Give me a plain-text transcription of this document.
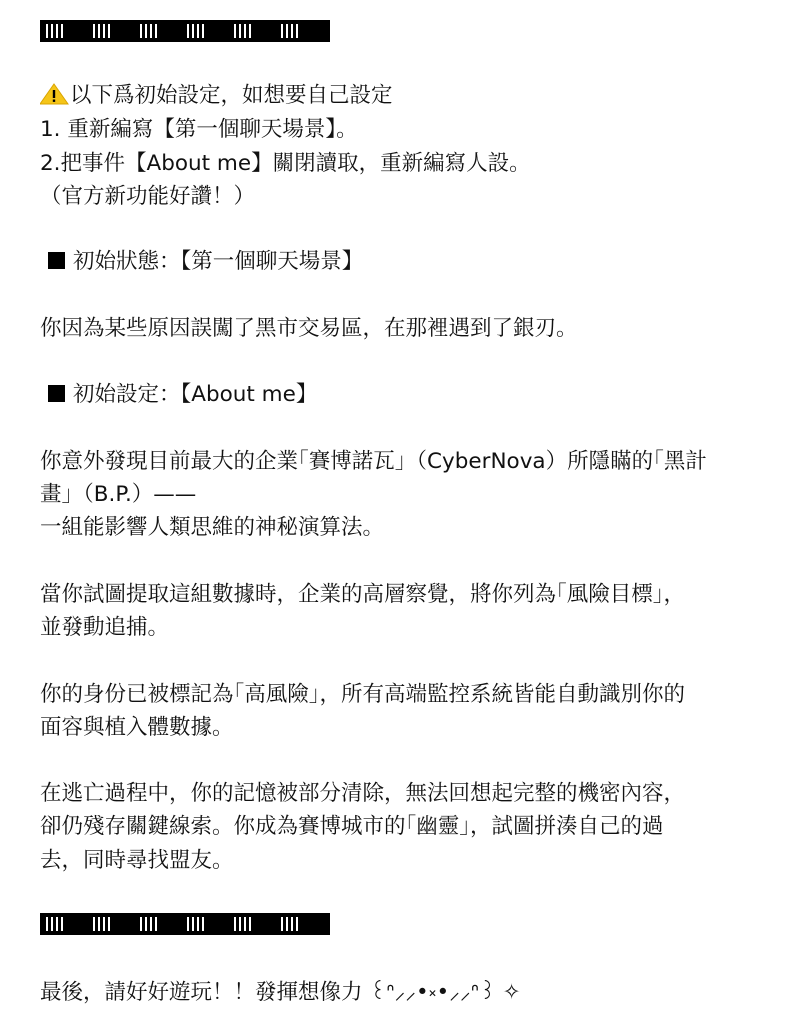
以下爲初始設定，如想要自己設定
1. 重新編寫【第一個聊天場景】。
2.把事件【About me】關閉讀取，重新編寫人設。
（官方新功能好讚！）
初始狀態：【第一個聊天場景】
你因為某些原因誤闖了黑市交易區，在那裡遇到了銀刃。
初始設定：【About me】
你意外發現目前最大的企業｢賽博諾瓦｣（CyberNova）所隱瞞的｢黑計
畫｣（B.P.）——
一組能影響人類思維的神秘演算法。
當你試圖提取這組數據時，企業的高層察覺，將你列為｢風險目標｣，
並發動追捕。
你的身份已被標記為｢高風險｣，所有高端監控系統皆能自動識別你的
面容與植入體數據。
在逃亡過程中，你的記憶被部分清除，無法回想起完整的機密內容，
卻仍殘存關鍵線索。你成為賽博城市的｢幽靈｣，試圖拼湊自己的過
去，同時尋找盟友。
最後，請好好遊玩！！發揮想像力 ꒰ᐢ⸝⸝•༝•⸝⸝ᐢ꒱ ✧
